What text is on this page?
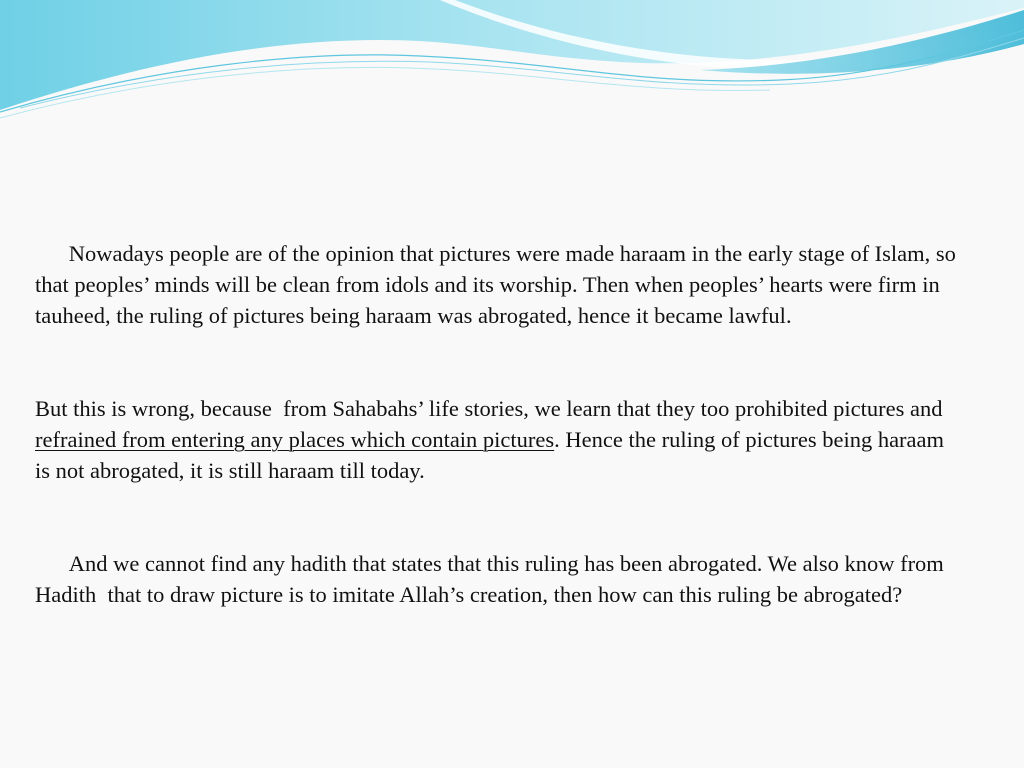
Nowadays people are of the opinion that pictures were made haraam in the early stage of Islam, so that peoples’ minds will be clean from idols and its worship. Then when peoples’ hearts were firm in tauheed, the ruling of pictures being haraam was abrogated, hence it became lawful.

But this is wrong, because  from Sahabahs’ life stories, we learn that they too prohibited pictures and refrained from entering any places which contain pictures. Hence the ruling of pictures being haraam is not abrogated, it is still haraam till today.

And we cannot find any hadith that states that this ruling has been abrogated. We also know from Hadith  that to draw picture is to imitate Allah’s creation, then how can this ruling be abrogated?
